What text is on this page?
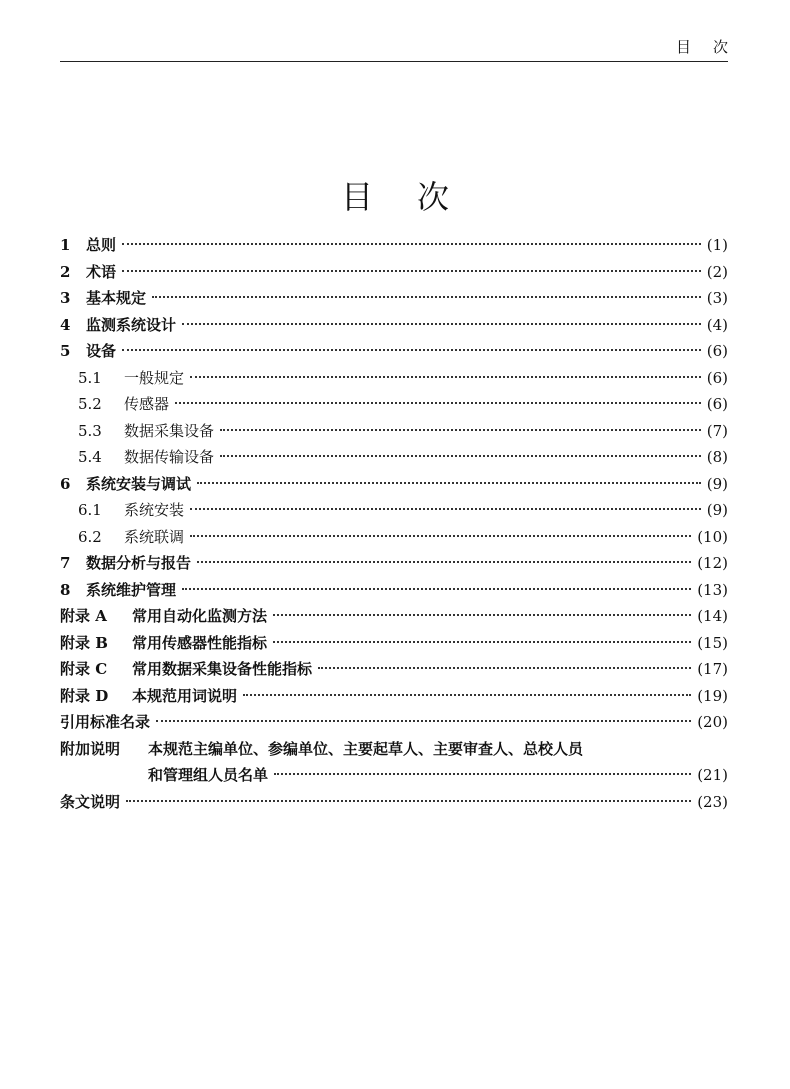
目次
目次
1	总则	(1)
2	术语	(2)
3	基本规定	(3)
4	监测系统设计	(4)
5	设备	(6)
5.1	一般规定	(6)
5.2	传感器	(6)
5.3	数据采集设备	(7)
5.4	数据传输设备	(8)
6	系统安装与调试	(9)
6.1	系统安装	(9)
6.2	系统联调	(10)
7	数据分析与报告	(12)
8	系统维护管理	(13)
附录 A	常用自动化监测方法	(14)
附录 B	常用传感器性能指标	(15)
附录 C	常用数据采集设备性能指标	(17)
附录 D	本规范用词说明	(19)
引用标准名录	(20)
附加说明	本规范主编单位、参编单位、主要起草人、主要审查人、总校人员
和管理组人员名单	(21)
条文说明	(23)
